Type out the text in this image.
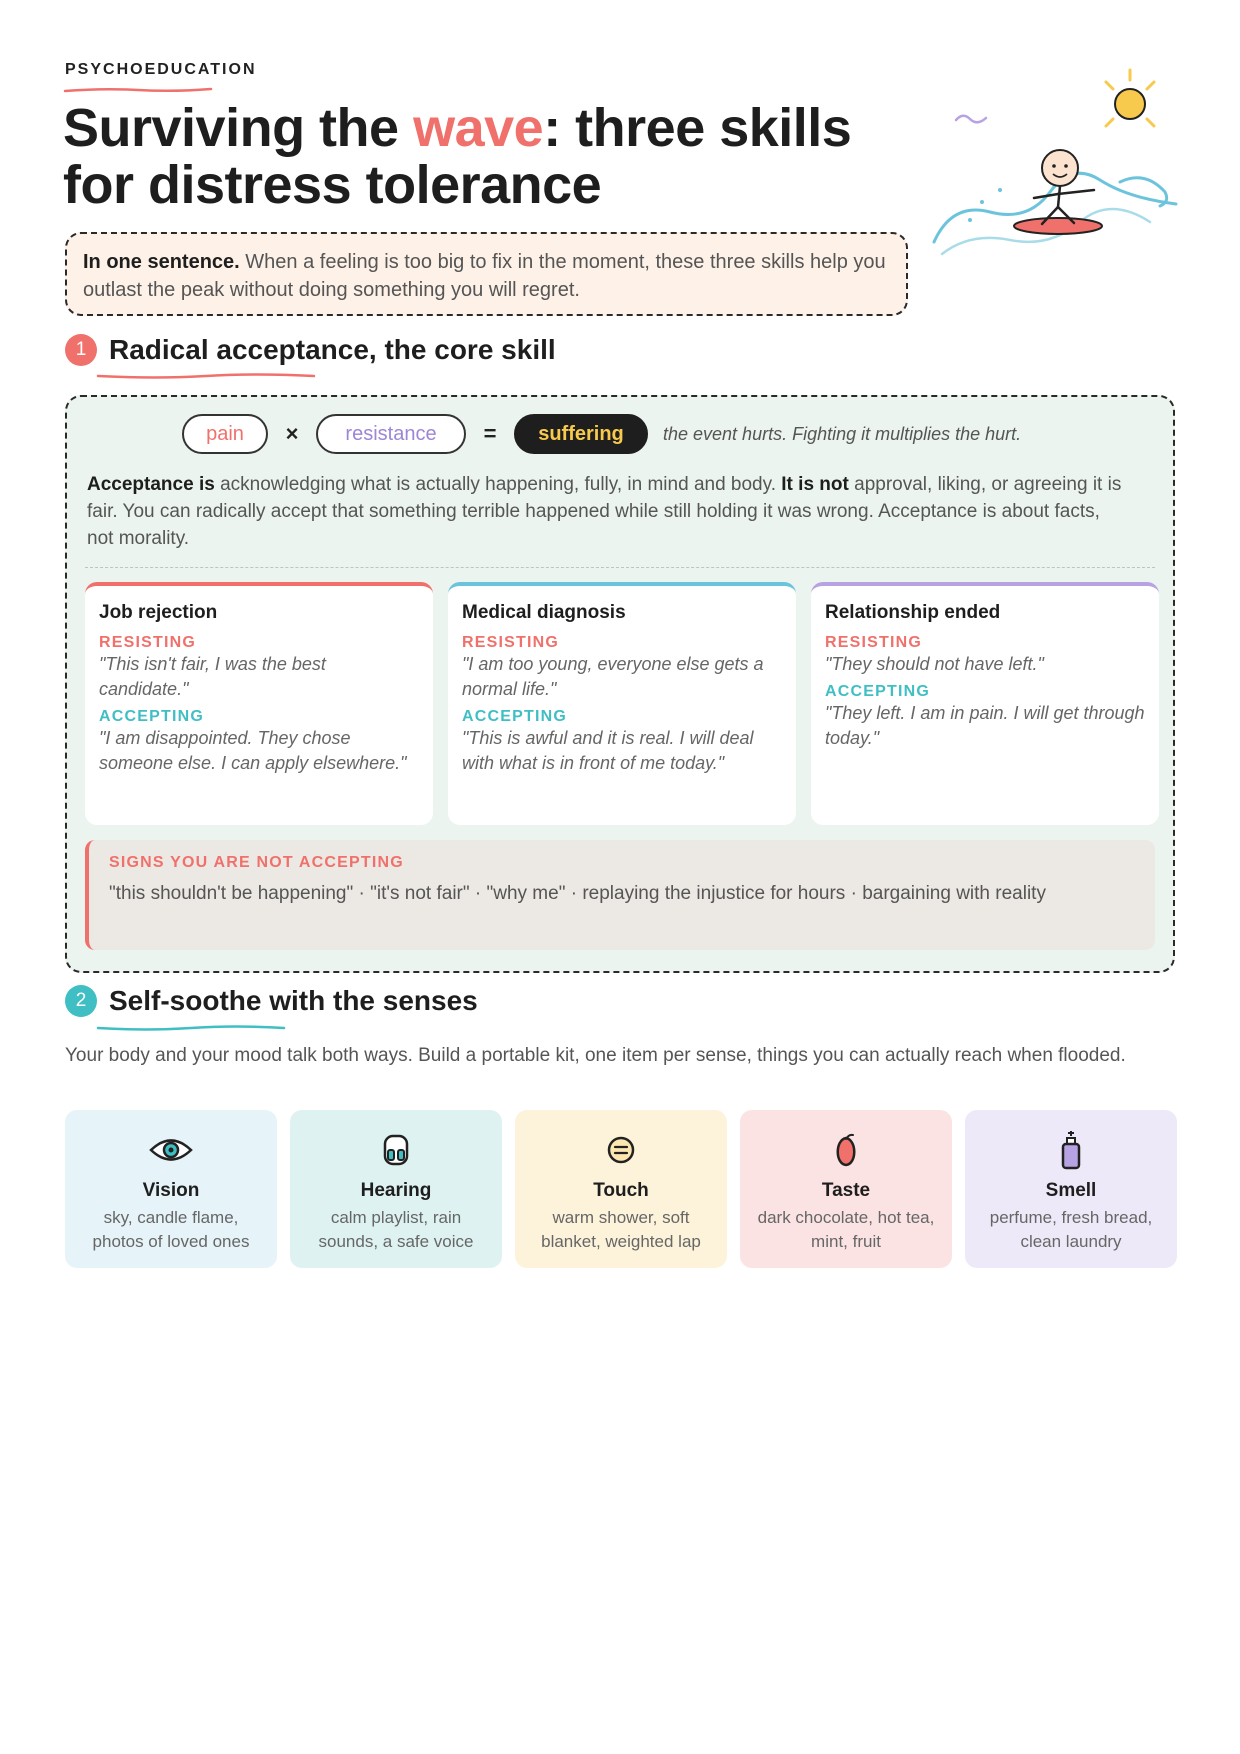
PSYCHOEDUCATION
Surviving the wave: three skills for distress tolerance
In one sentence. When a feeling is too big to fix in the moment, these three skills help you outlast the peak without doing something you will regret.
1 Radical acceptance, the core skill
pain	×	resistance	=	suffering	the event hurts. Fighting it multiplies the hurt.

Acceptance is acknowledging what is actually happening, fully, in mind and body. It is not approval, liking, or agreeing it is fair. You can radically accept that something terrible happened while still holding it was wrong. Acceptance is about facts, not morality.

Job rejection
RESISTING
"This isn't fair, I was the best candidate."
ACCEPTING
"I am disappointed. They chose someone else. I can apply elsewhere."
Medical diagnosis
RESISTING
"I am too young, everyone else gets a normal life."
ACCEPTING
"This is awful and it is real. I will deal with what is in front of me today."
Relationship ended
RESISTING
"They should not have left."
ACCEPTING
"They left. I am in pain. I will get through today."
SIGNS YOU ARE NOT ACCEPTING
"this shouldn't be happening" · "it's not fair" · "why me" · replaying the injustice for hours · bargaining with reality
2 Self-soothe with the senses

Your body and your mood talk both ways. Build a portable kit, one item per sense, things you can actually reach when flooded.

Vision

sky, candle flame, photos of loved ones

Hearing

calm playlist, rain sounds, a safe voice

Touch

warm shower, soft blanket, weighted lap

Taste

dark chocolate, hot tea, mint, fruit

Smell

perfume, fresh bread, clean laundry
